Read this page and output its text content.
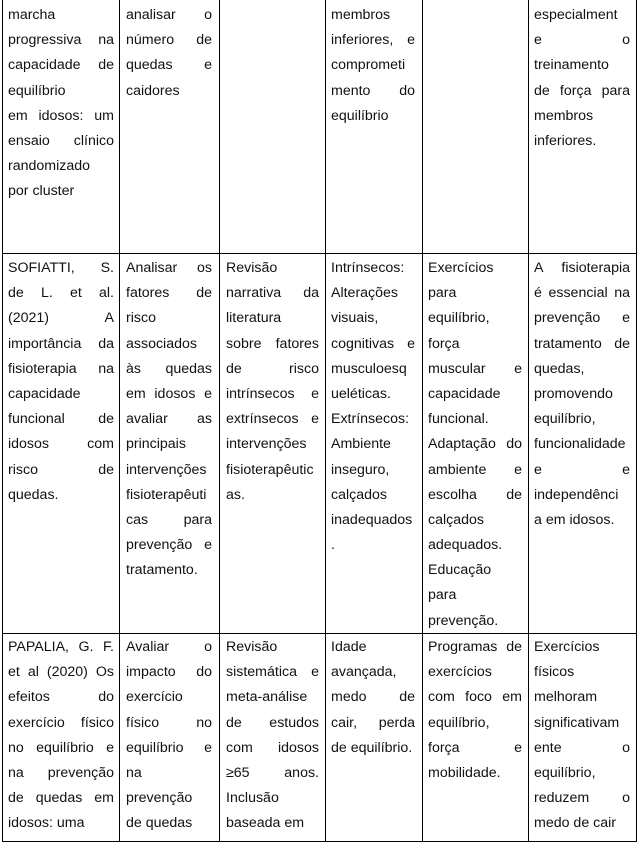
marcha
progressiva na
capacidade de
equilíbrio
em idosos: um
ensaio clínico
randomizado
por cluster
analisar o
número de
quedas e
caidores
membros
inferiores, e
comprometi
mento do
equilíbrio
especialment
e o
treinamento
de força para
membros
inferiores.
SOFIATTI, S.
de L. et al.
(2021) A
importância da
fisioterapia na
capacidade
funcional de
idosos com
risco de
quedas.
Analisar os
fatores de
risco
associados
às quedas
em idosos e
avaliar as
principais
intervenções
fisioterapêuti
cas para
prevenção e
tratamento.
Revisão
narrativa da
literatura
sobre fatores
de risco
intrínsecos e
extrínsecos e
intervenções
fisioterapêutic
as.
Intrínsecos:
Alterações
visuais,
cognitivas e
musculoesq
ueléticas.
Extrínsecos:
Ambiente
inseguro,
calçados
inadequados
.
Exercícios
para
equilíbrio,
força
muscular e
capacidade
funcional.
Adaptação do
ambiente e
escolha de
calçados
adequados.
Educação
para
prevenção.
A fisioterapia
é essencial na
prevenção e
tratamento de
quedas,
promovendo
equilíbrio,
funcionalidade
e e
independênci
a em idosos.
PAPALIA, G. F.
et al (2020) Os
efeitos do
exercício físico
no equilíbrio e
na prevenção
de quedas em
idosos: uma
Avaliar o
impacto do
exercício
físico no
equilíbrio e
na
prevenção
de quedas
Revisão
sistemática e
meta-análise
de estudos
com idosos
≥65 anos.
Inclusão
baseada em
Idade
avançada,
medo de
cair, perda
de equilíbrio.
Programas de
exercícios
com foco em
equilíbrio,
força e
mobilidade.
Exercícios
físicos
melhoram
significativam
ente o
equilíbrio,
reduzem o
medo de cair
